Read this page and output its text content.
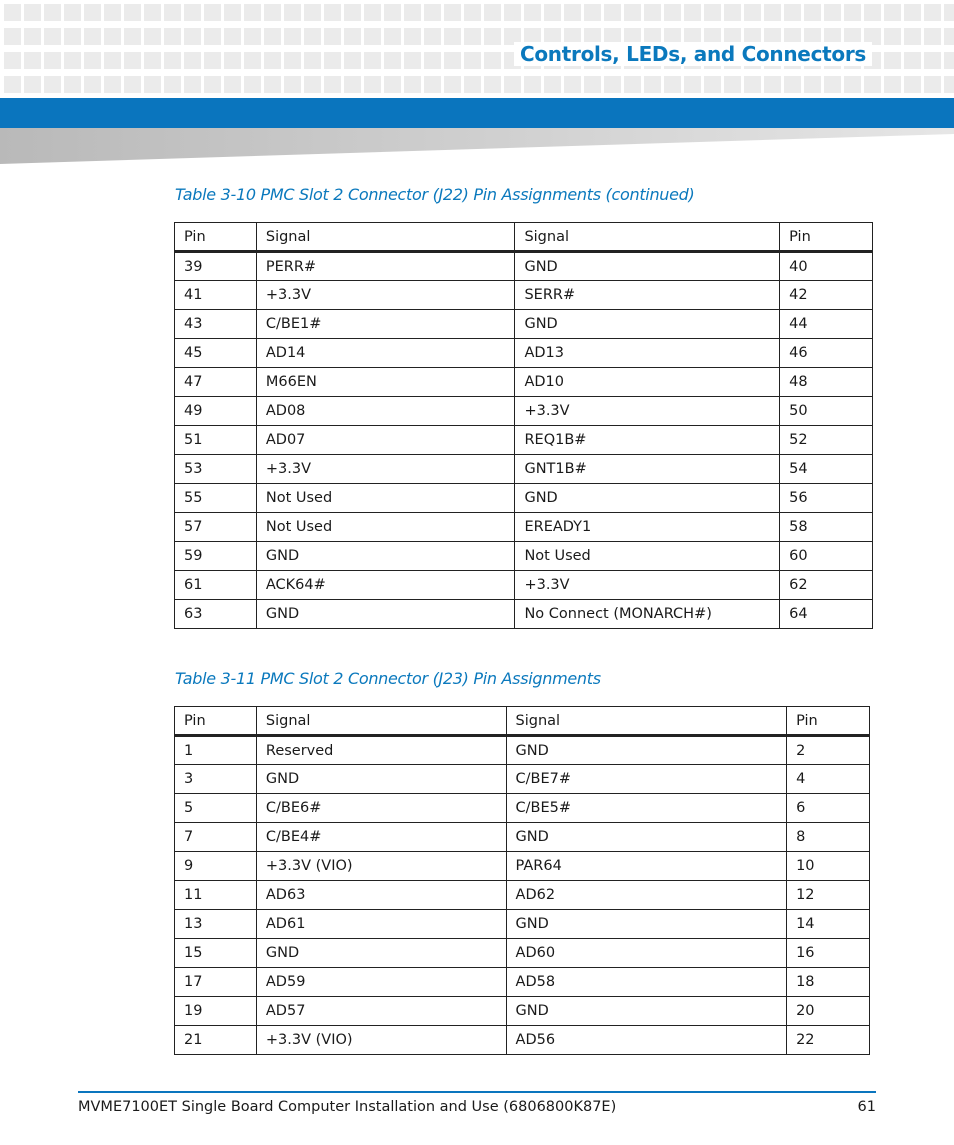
Controls, LEDs, and Connectors
Table 3-10 PMC Slot 2 Connector (J22) Pin Assignments (continued)
Pin	Signal	Signal	Pin
39	PERR#	GND	40
41	+3.3V	SERR#	42
43	C/BE1#	GND	44
45	AD14	AD13	46
47	M66EN	AD10	48
49	AD08	+3.3V	50
51	AD07	REQ1B#	52
53	+3.3V	GNT1B#	54
55	Not Used	GND	56
57	Not Used	EREADY1	58
59	GND	Not Used	60
61	ACK64#	+3.3V	62
63	GND	No Connect (MONARCH#)	64
Table 3-11 PMC Slot 2 Connector (J23) Pin Assignments
Pin	Signal	Signal	Pin
1	Reserved	GND	2
3	GND	C/BE7#	4
5	C/BE6#	C/BE5#	6
7	C/BE4#	GND	8
9	+3.3V (VIO)	PAR64	10
11	AD63	AD62	12
13	AD61	GND	14
15	GND	AD60	16
17	AD59	AD58	18
19	AD57	GND	20
21	+3.3V (VIO)	AD56	22
MVME7100ET Single Board Computer Installation and Use (6806800K87E)	61
